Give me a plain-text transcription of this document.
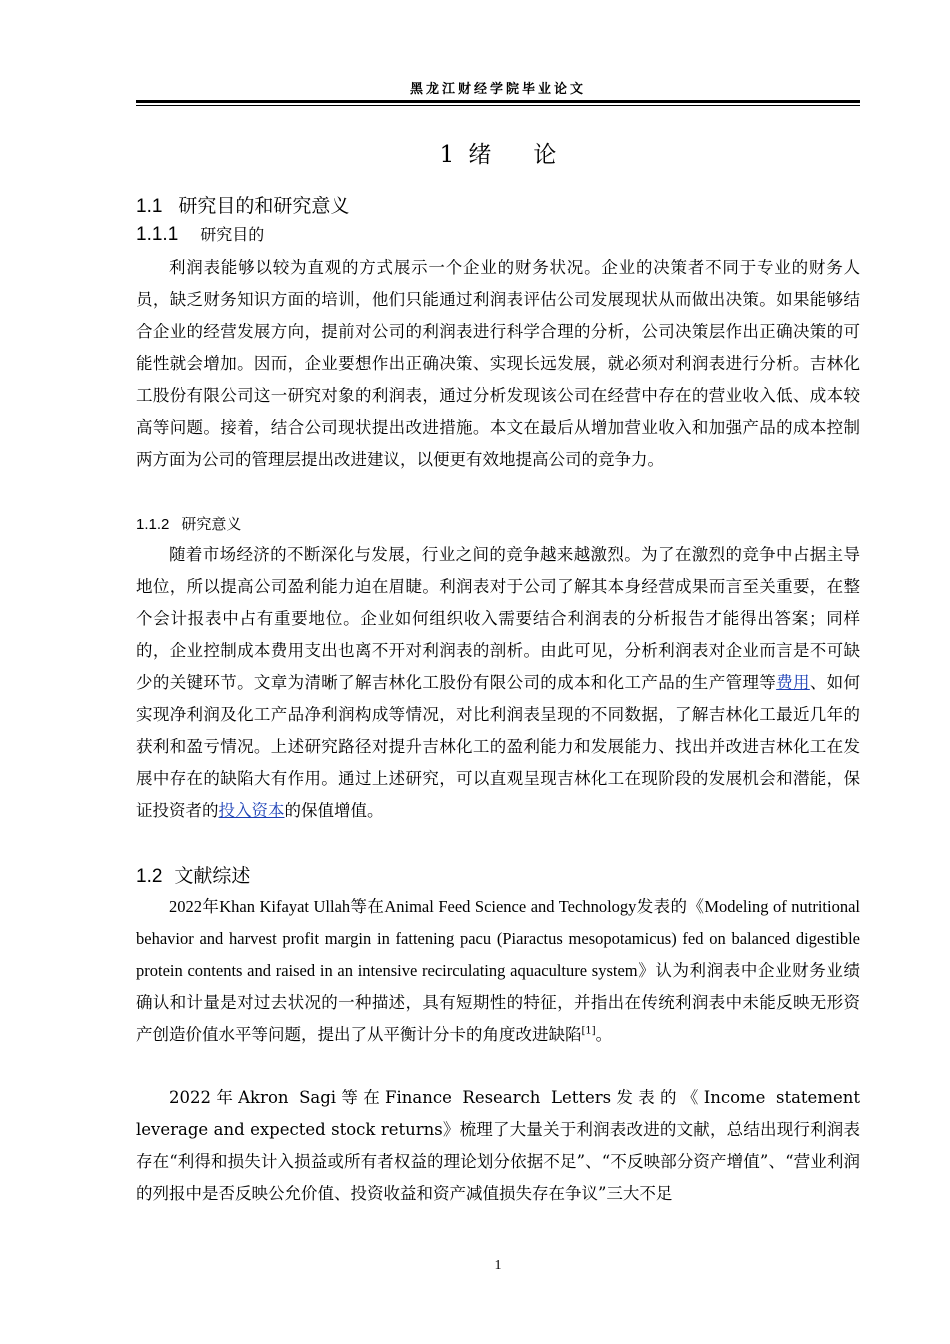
黑龙江财经学院毕业论文
1 绪 论
1.1 研究目的和研究意义
1.1.1 研究目的

利润表能够以较为直观的方式展示一个企业的财务状况。企业的决策者不同于专业的财务人员，缺乏财务知识方面的培训，他们只能通过利润表评估公司发展现状从而做出决策。如果能够结合企业的经营发展方向，提前对公司的利润表进行科学合理的分析，公司决策层作出正确决策的可能性就会增加。因而，企业要想作出正确决策、实现长远发展，就必须对利润表进行分析。吉林化工股份有限公司这一研究对象的利润表，通过分析发现该公司在经营中存在的营业收入低、成本较高等问题。接着，结合公司现状提出改进措施。本文在最后从增加营业收入和加强产品的成本控制两方面为公司的管理层提出改进建议，以便更有效地提高公司的竞争力。

1.1.2 研究意义

随着市场经济的不断深化与发展，行业之间的竞争越来越激烈。为了在激烈的竞争中占据主导地位，所以提高公司盈利能力迫在眉睫。利润表对于公司了解其本身经营成果而言至关重要，在整个会计报表中占有重要地位。企业如何组织收入需要结合利润表的分析报告才能得出答案；同样的，企业控制成本费用支出也离不开对利润表的剖析。由此可见，分析利润表对企业而言是不可缺少的关键环节。文章为清晰了解吉林化工股份有限公司的成本和化工产品的生产管理等费用、如何实现净利润及化工产品净利润构成等情况，对比利润表呈现的不同数据，了解吉林化工最近几年的获利和盈亏情况。上述研究路径对提升吉林化工的盈利能力和发展能力、找出并改进吉林化工在发展中存在的缺陷大有作用。通过上述研究，可以直观呈现吉林化工在现阶段的发展机会和潜能，保证投资者的投入资本的保值增值。

1.2 文献综述

2022年Khan Kifayat Ullah等在Animal Feed Science and Technology发表的《Modeling of nutritional behavior and harvest profit margin in fattening pacu (Piaractus mesopotamicus) fed on balanced digestible protein contents and raised in an intensive recirculating aquaculture system》认为利润表中企业财务业绩确认和计量是对过去状况的一种描述，具有短期性的特征，并指出在传统利润表中未能反映无形资产创造价值水平等问题，提出了从平衡计分卡的角度改进缺陷[1]。

2022年Akron Sagi等在Finance Research Letters发表的《Income statement leverage and expected stock returns》梳理了大量关于利润表改进的文献，总结出现行利润表存在“利得和损失计入损益或所有者权益的理论划分依据不足”、“不反映部分资产增值”、“营业利润的列报中是否反映公允价值、投资收益和资产减值损失存在争议”三大不足

1
